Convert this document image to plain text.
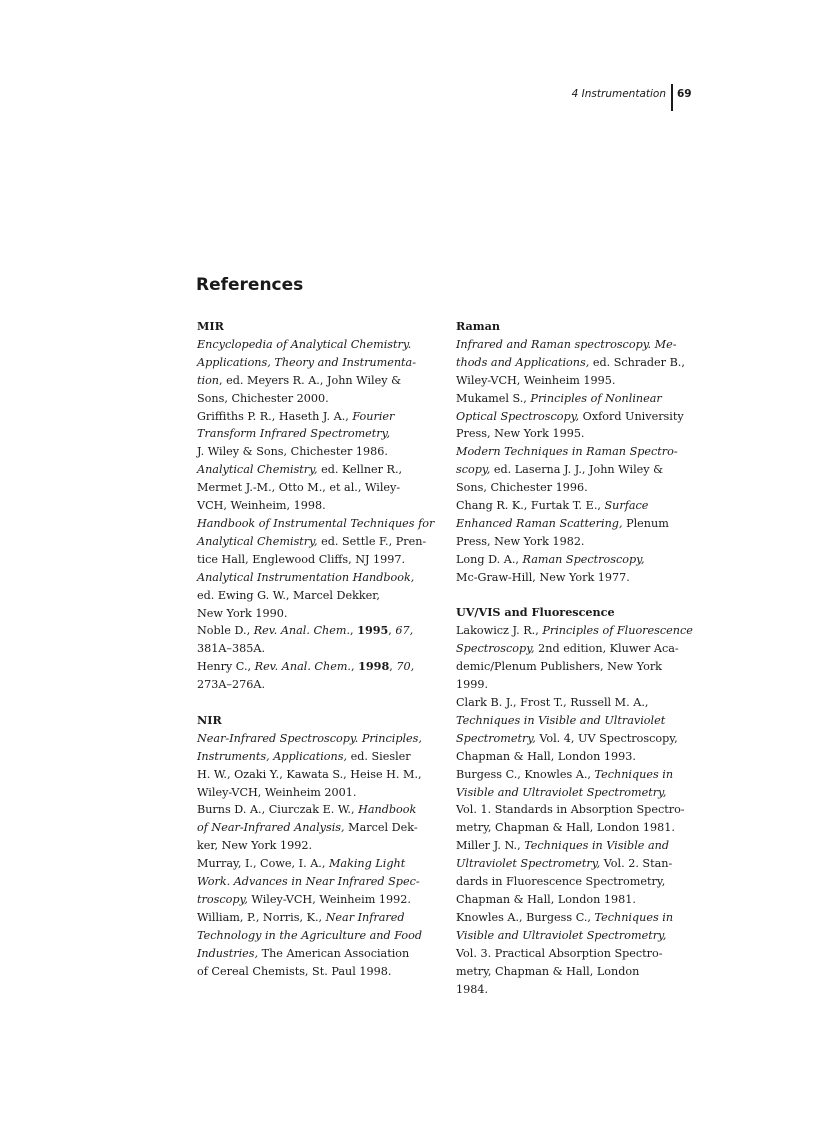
4 Instrumentation 69
References
MIR
Encyclopedia of Analytical Chemistry.
Applications, Theory and Instrumenta-
tion, ed. Meyers R. A., John Wiley &
Sons, Chichester 2000.
Griffiths P. R., Haseth J. A., Fourier
Transform Infrared Spectrometry,
J. Wiley & Sons, Chichester 1986.
Analytical Chemistry, ed. Kellner R.,
Mermet J.-M., Otto M., et al., Wiley-
VCH, Weinheim, 1998.
Handbook of Instrumental Techniques for
Analytical Chemistry, ed. Settle F., Pren-
tice Hall, Englewood Cliffs, NJ 1997.
Analytical Instrumentation Handbook,
ed. Ewing G. W., Marcel Dekker,
New York 1990.
Noble D., Rev. Anal. Chem., 1995, 67,
381A–385A.
Henry C., Rev. Anal. Chem., 1998, 70,
273A–276A.
NIR
Near-Infrared Spectroscopy. Principles,
Instruments, Applications, ed. Siesler
H. W., Ozaki Y., Kawata S., Heise H. M.,
Wiley-VCH, Weinheim 2001.
Burns D. A., Ciurczak E. W., Handbook
of Near-Infrared Analysis, Marcel Dek-
ker, New York 1992.
Murray, I., Cowe, I. A., Making Light
Work. Advances in Near Infrared Spec-
troscopy, Wiley-VCH, Weinheim 1992.
William, P., Norris, K., Near Infrared
Technology in the Agriculture and Food
Industries, The American Association
of Cereal Chemists, St. Paul 1998.
Raman
Infrared and Raman spectroscopy. Me-
thods and Applications, ed. Schrader B.,
Wiley-VCH, Weinheim 1995.
Mukamel S., Principles of Nonlinear
Optical Spectroscopy, Oxford University
Press, New York 1995.
Modern Techniques in Raman Spectro-
scopy, ed. Laserna J. J., John Wiley &
Sons, Chichester 1996.
Chang R. K., Furtak T. E., Surface
Enhanced Raman Scattering, Plenum
Press, New York 1982.
Long D. A., Raman Spectroscopy,
Mc-Graw-Hill, New York 1977.
UV/VIS and Fluorescence
Lakowicz J. R., Principles of Fluorescence
Spectroscopy, 2nd edition, Kluwer Aca-
demic/Plenum Publishers, New York
1999.
Clark B. J., Frost T., Russell M. A.,
Techniques in Visible and Ultraviolet
Spectrometry, Vol. 4, UV Spectroscopy,
Chapman & Hall, London 1993.
Burgess C., Knowles A., Techniques in
Visible and Ultraviolet Spectrometry,
Vol. 1. Standards in Absorption Spectro-
metry, Chapman & Hall, London 1981.
Miller J. N., Techniques in Visible and
Ultraviolet Spectrometry, Vol. 2. Stan-
dards in Fluorescence Spectrometry,
Chapman & Hall, London 1981.
Knowles A., Burgess C., Techniques in
Visible and Ultraviolet Spectrometry,
Vol. 3. Practical Absorption Spectro-
metry, Chapman & Hall, London
1984.
